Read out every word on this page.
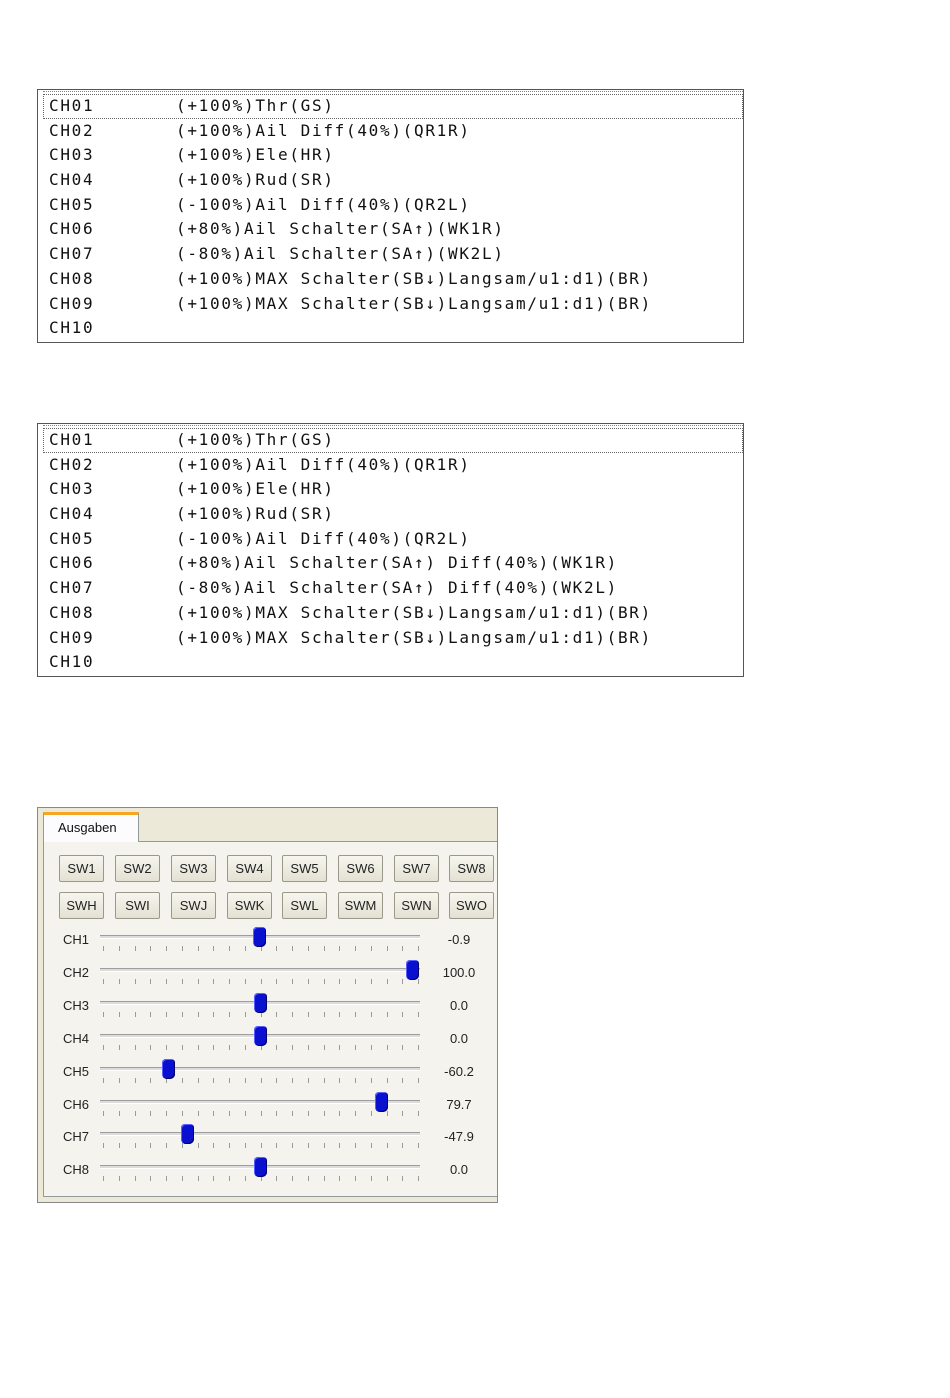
CH01	(+100%)Thr(GS)
CH02	(+100%)Ail Diff(40%)(QR1R)
CH03	(+100%)Ele(HR)
CH04	(+100%)Rud(SR)
CH05	(-100%)Ail Diff(40%)(QR2L)
CH06	(+80%)Ail Schalter(SA↑)(WK1R)
CH07	(-80%)Ail Schalter(SA↑)(WK2L)
CH08	(+100%)MAX Schalter(SB↓)Langsam/u1:d1)(BR)
CH09	(+100%)MAX Schalter(SB↓)Langsam/u1:d1)(BR)
CH10
CH01	(+100%)Thr(GS)
CH02	(+100%)Ail Diff(40%)(QR1R)
CH03	(+100%)Ele(HR)
CH04	(+100%)Rud(SR)
CH05	(-100%)Ail Diff(40%)(QR2L)
CH06	(+80%)Ail Schalter(SA↑) Diff(40%)(WK1R)
CH07	(-80%)Ail Schalter(SA↑) Diff(40%)(WK2L)
CH08	(+100%)MAX Schalter(SB↓)Langsam/u1:d1)(BR)
CH09	(+100%)MAX Schalter(SB↓)Langsam/u1:d1)(BR)
CH10
Ausgaben
SW1	SW2	SW3	SW4	SW5	SW6	SW7	SW8
SWH	SWI	SWJ	SWK	SWL	SWM	SWN	SWO
CH1	-0.9
CH2	100.0
CH3	0.0
CH4	0.0
CH5	-60.2
CH6	79.7
CH7	-47.9
CH8	0.0
